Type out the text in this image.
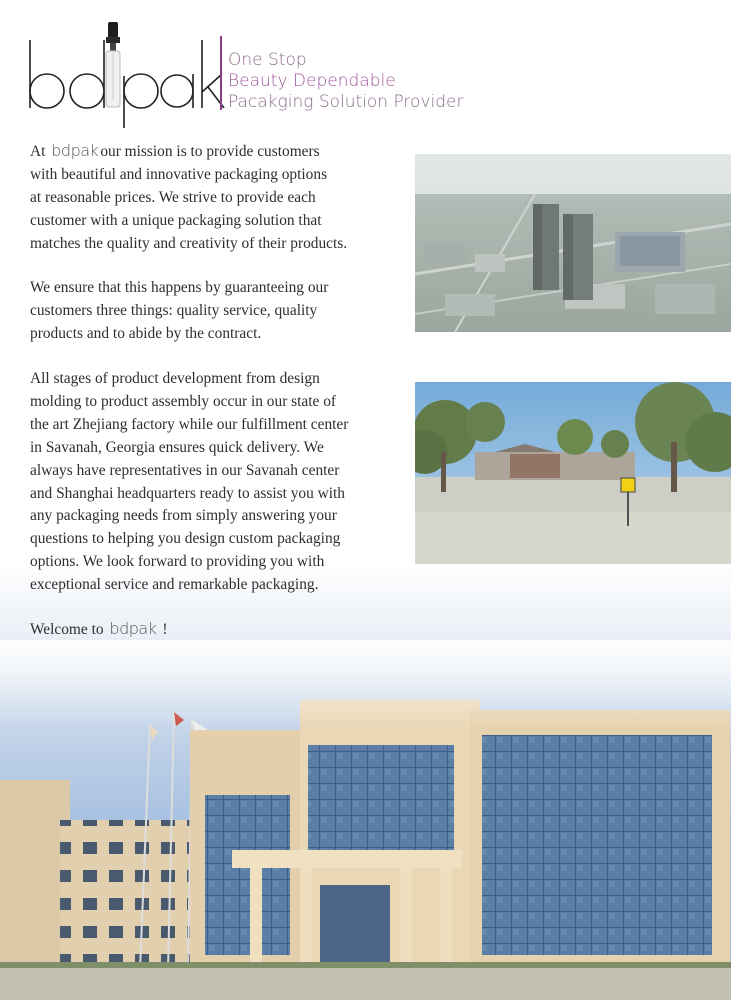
One Stop
Beauty Dependable
Pacakging Solution Provider

At bdpak our mission is to provide customers

with beautiful and innovative packaging options

at reasonable prices. We strive to provide each

customer with a unique packaging solution that

matches the quality and creativity of their products.

We ensure that this happens by guaranteeing our

customers three things: quality service, quality

products and to abide by the contract.

All stages of product development from design

molding to product assembly occur in our state of

the art Zhejiang factory while our fulfillment center

in Savanah, Georgia ensures quick delivery. We

always have representatives in our Savanah center

and Shanghai headquarters ready to assist you with

any packaging needs from simply answering your

questions to helping you design custom packaging

options. We look forward to providing you with

exceptional service and remarkable packaging.

Welcome to bdpak !
